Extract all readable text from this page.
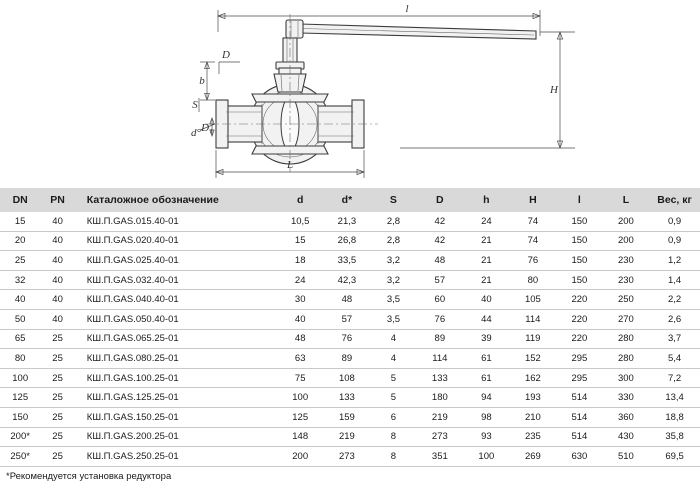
l
H
b
D
S
d° D₁
L
DN	PN	Каталожное обозначение	d	d*	S	D	h	H	l	L	Вес, кг
15	40	КШ.П.GAS.015.40-01	10,5	21,3	2,8	42	24	74	150	200	0,9
20	40	КШ.П.GAS.020.40-01	15	26,8	2,8	42	21	74	150	200	0,9
25	40	КШ.П.GAS.025.40-01	18	33,5	3,2	48	21	76	150	230	1,2
32	40	КШ.П.GAS.032.40-01	24	42,3	3,2	57	21	80	150	230	1,4
40	40	КШ.П.GAS.040.40-01	30	48	3,5	60	40	105	220	250	2,2
50	40	КШ.П.GAS.050.40-01	40	57	3,5	76	44	114	220	270	2,6
65	25	КШ.П.GAS.065.25-01	48	76	4	89	39	119	220	280	3,7
80	25	КШ.П.GAS.080.25-01	63	89	4	114	61	152	295	280	5,4
100	25	КШ.П.GAS.100.25-01	75	108	5	133	61	162	295	300	7,2
125	25	КШ.П.GAS.125.25-01	100	133	5	180	94	193	514	330	13,4
150	25	КШ.П.GAS.150.25-01	125	159	6	219	98	210	514	360	18,8
200*	25	КШ.П.GAS.200.25-01	148	219	8	273	93	235	514	430	35,8
250*	25	КШ.П.GAS.250.25-01	200	273	8	351	100	269	630	510	69,5
*Рекомендуется установка редуктора
